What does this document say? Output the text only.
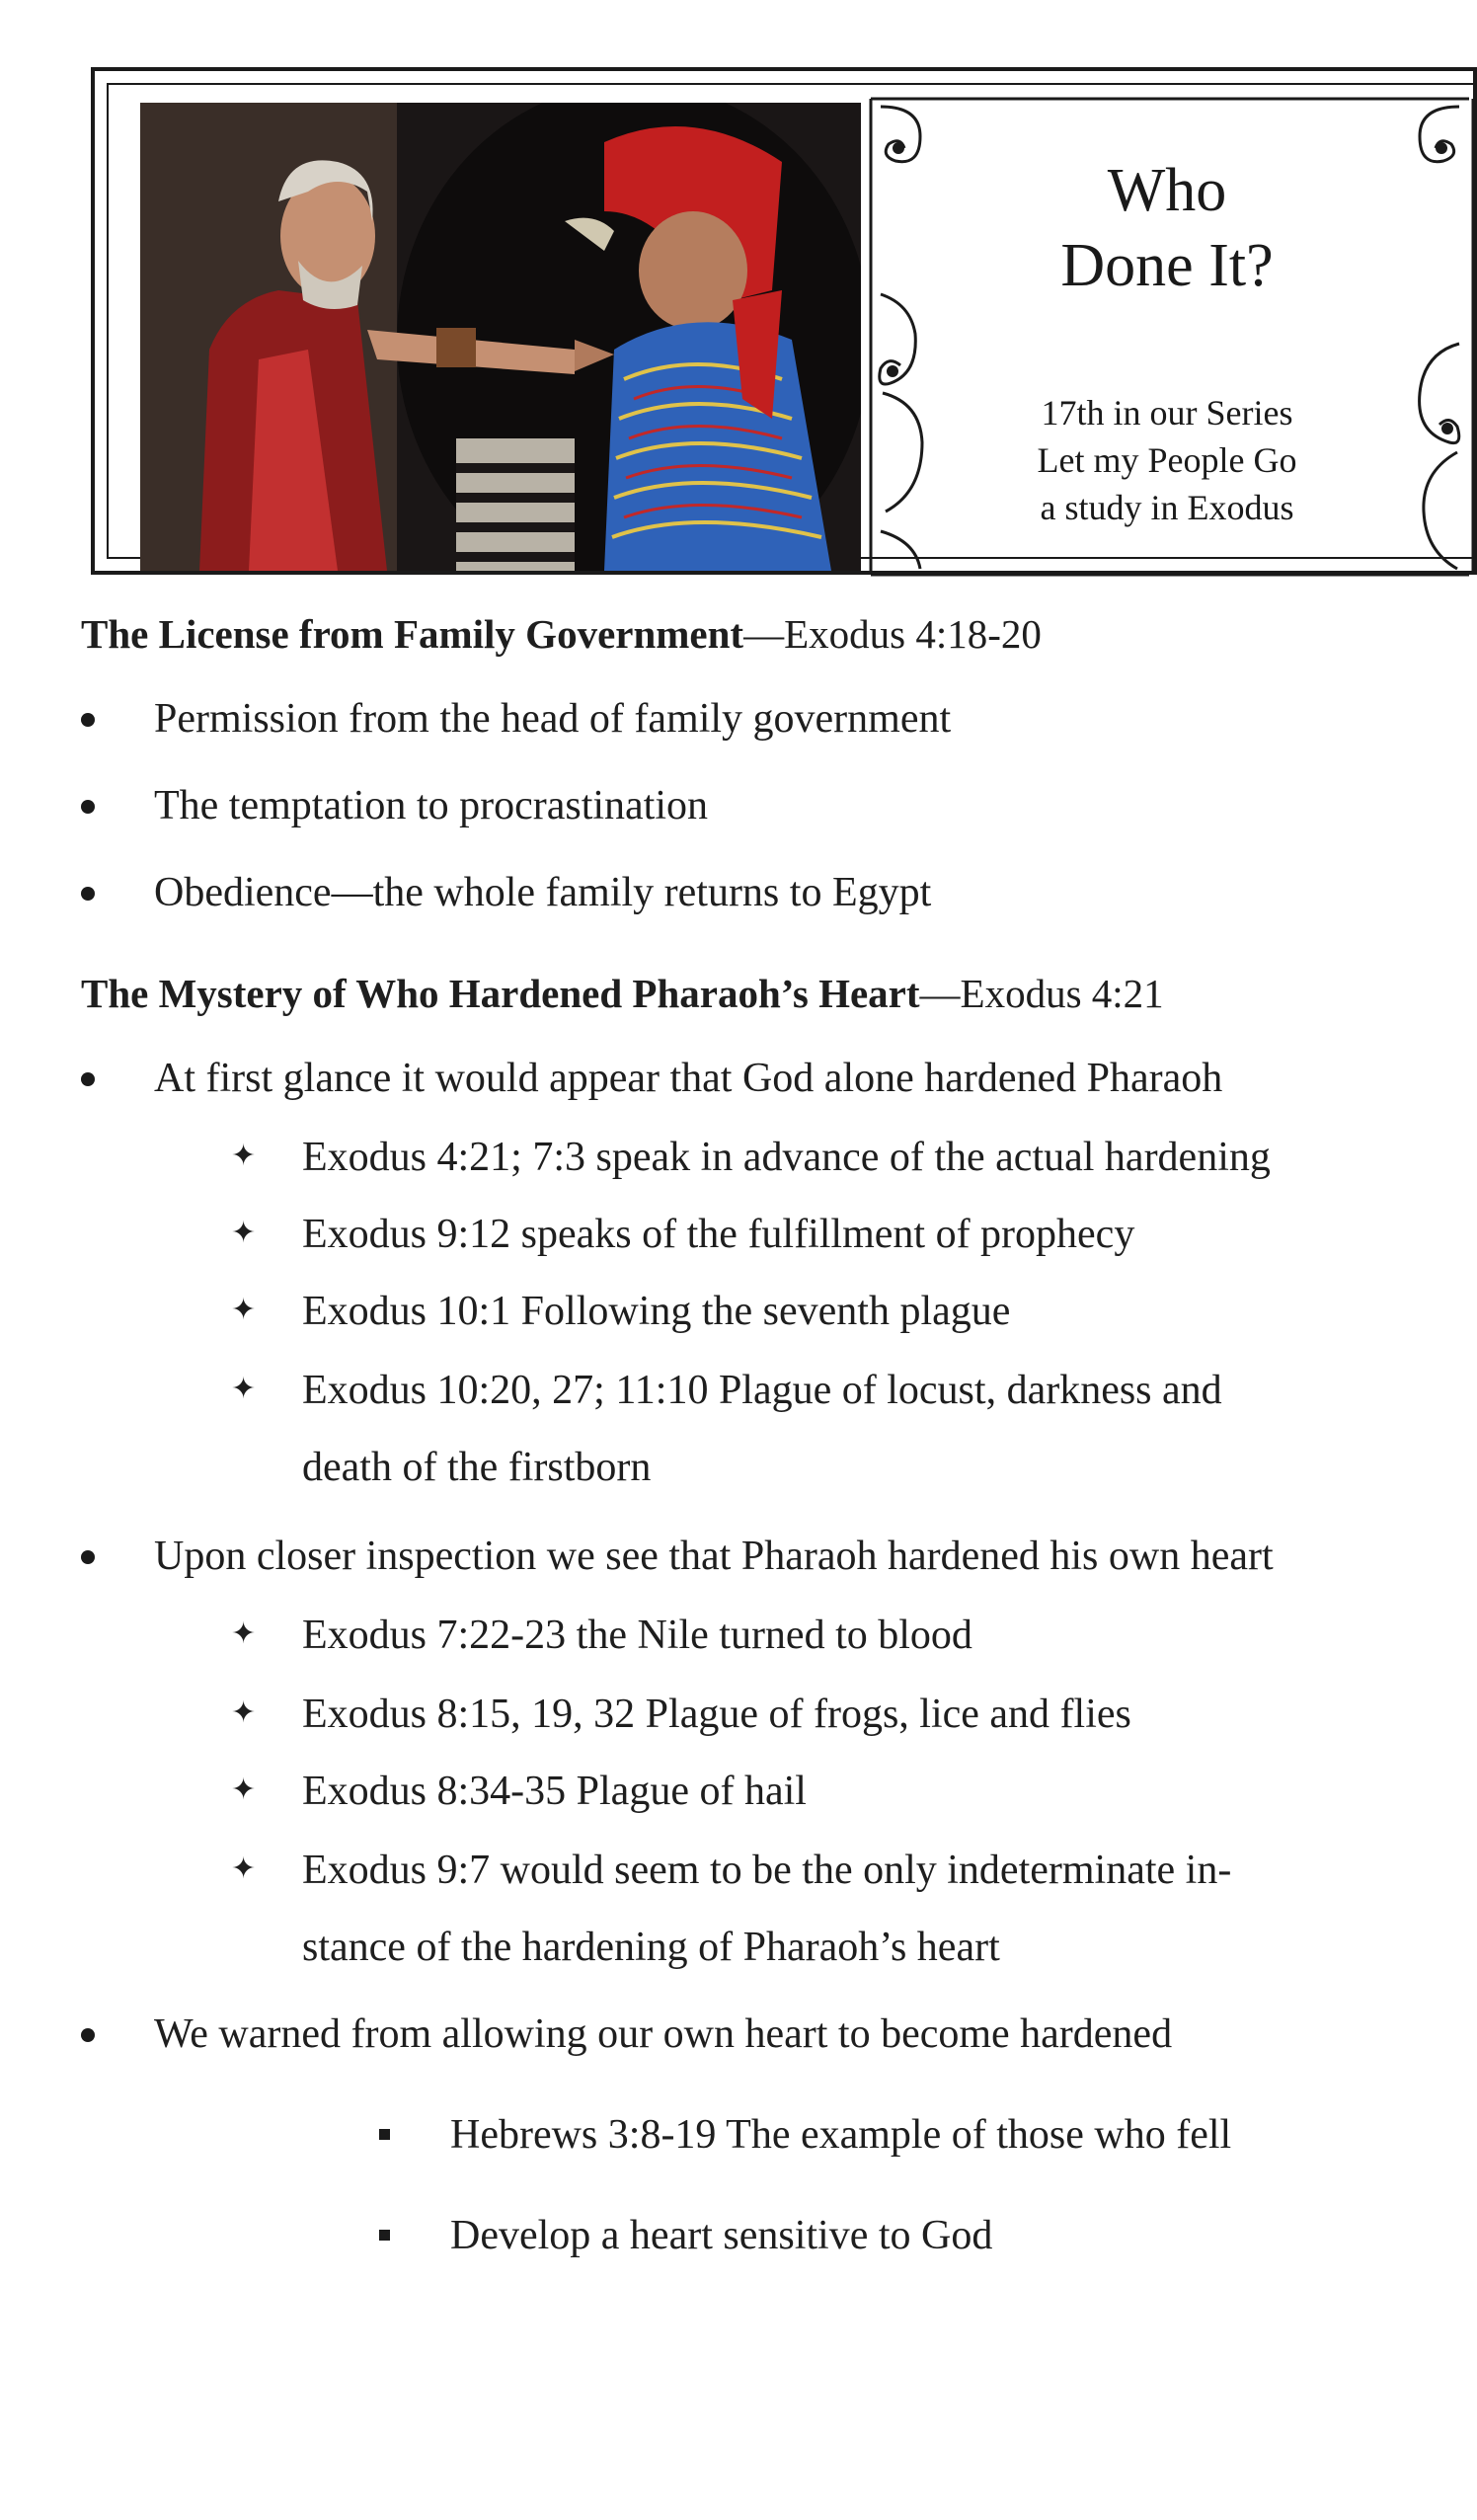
Who
Done It?
17th in our Series
Let my People Go
a study in Exodus
The License from Family Government—Exodus 4:18-20
Permission from the head of family government
The temptation to procrastination
Obedience—the whole family returns to Egypt
The Mystery of Who Hardened Pharaoh’s Heart—Exodus 4:21
At first glance it would appear that God alone hardened Pharaoh
✦ Exodus 4:21; 7:3 speak in advance of the actual hardening
✦ Exodus 9:12 speaks of the fulfillment of prophecy
✦ Exodus 10:1 Following the seventh plague
✦ Exodus 10:20, 27; 11:10 Plague of locust, darkness and
death of the firstborn
Upon closer inspection we see that Pharaoh hardened his own heart
✦ Exodus 7:22-23 the Nile turned to blood
✦ Exodus 8:15, 19, 32 Plague of frogs, lice and flies
✦ Exodus 8:34-35 Plague of hail
✦ Exodus 9:7 would seem to be the only indeterminate in-
stance of the hardening of Pharaoh’s heart
We warned from allowing our own heart to become hardened
Hebrews 3:8-19 The example of those who fell
Develop a heart sensitive to God
